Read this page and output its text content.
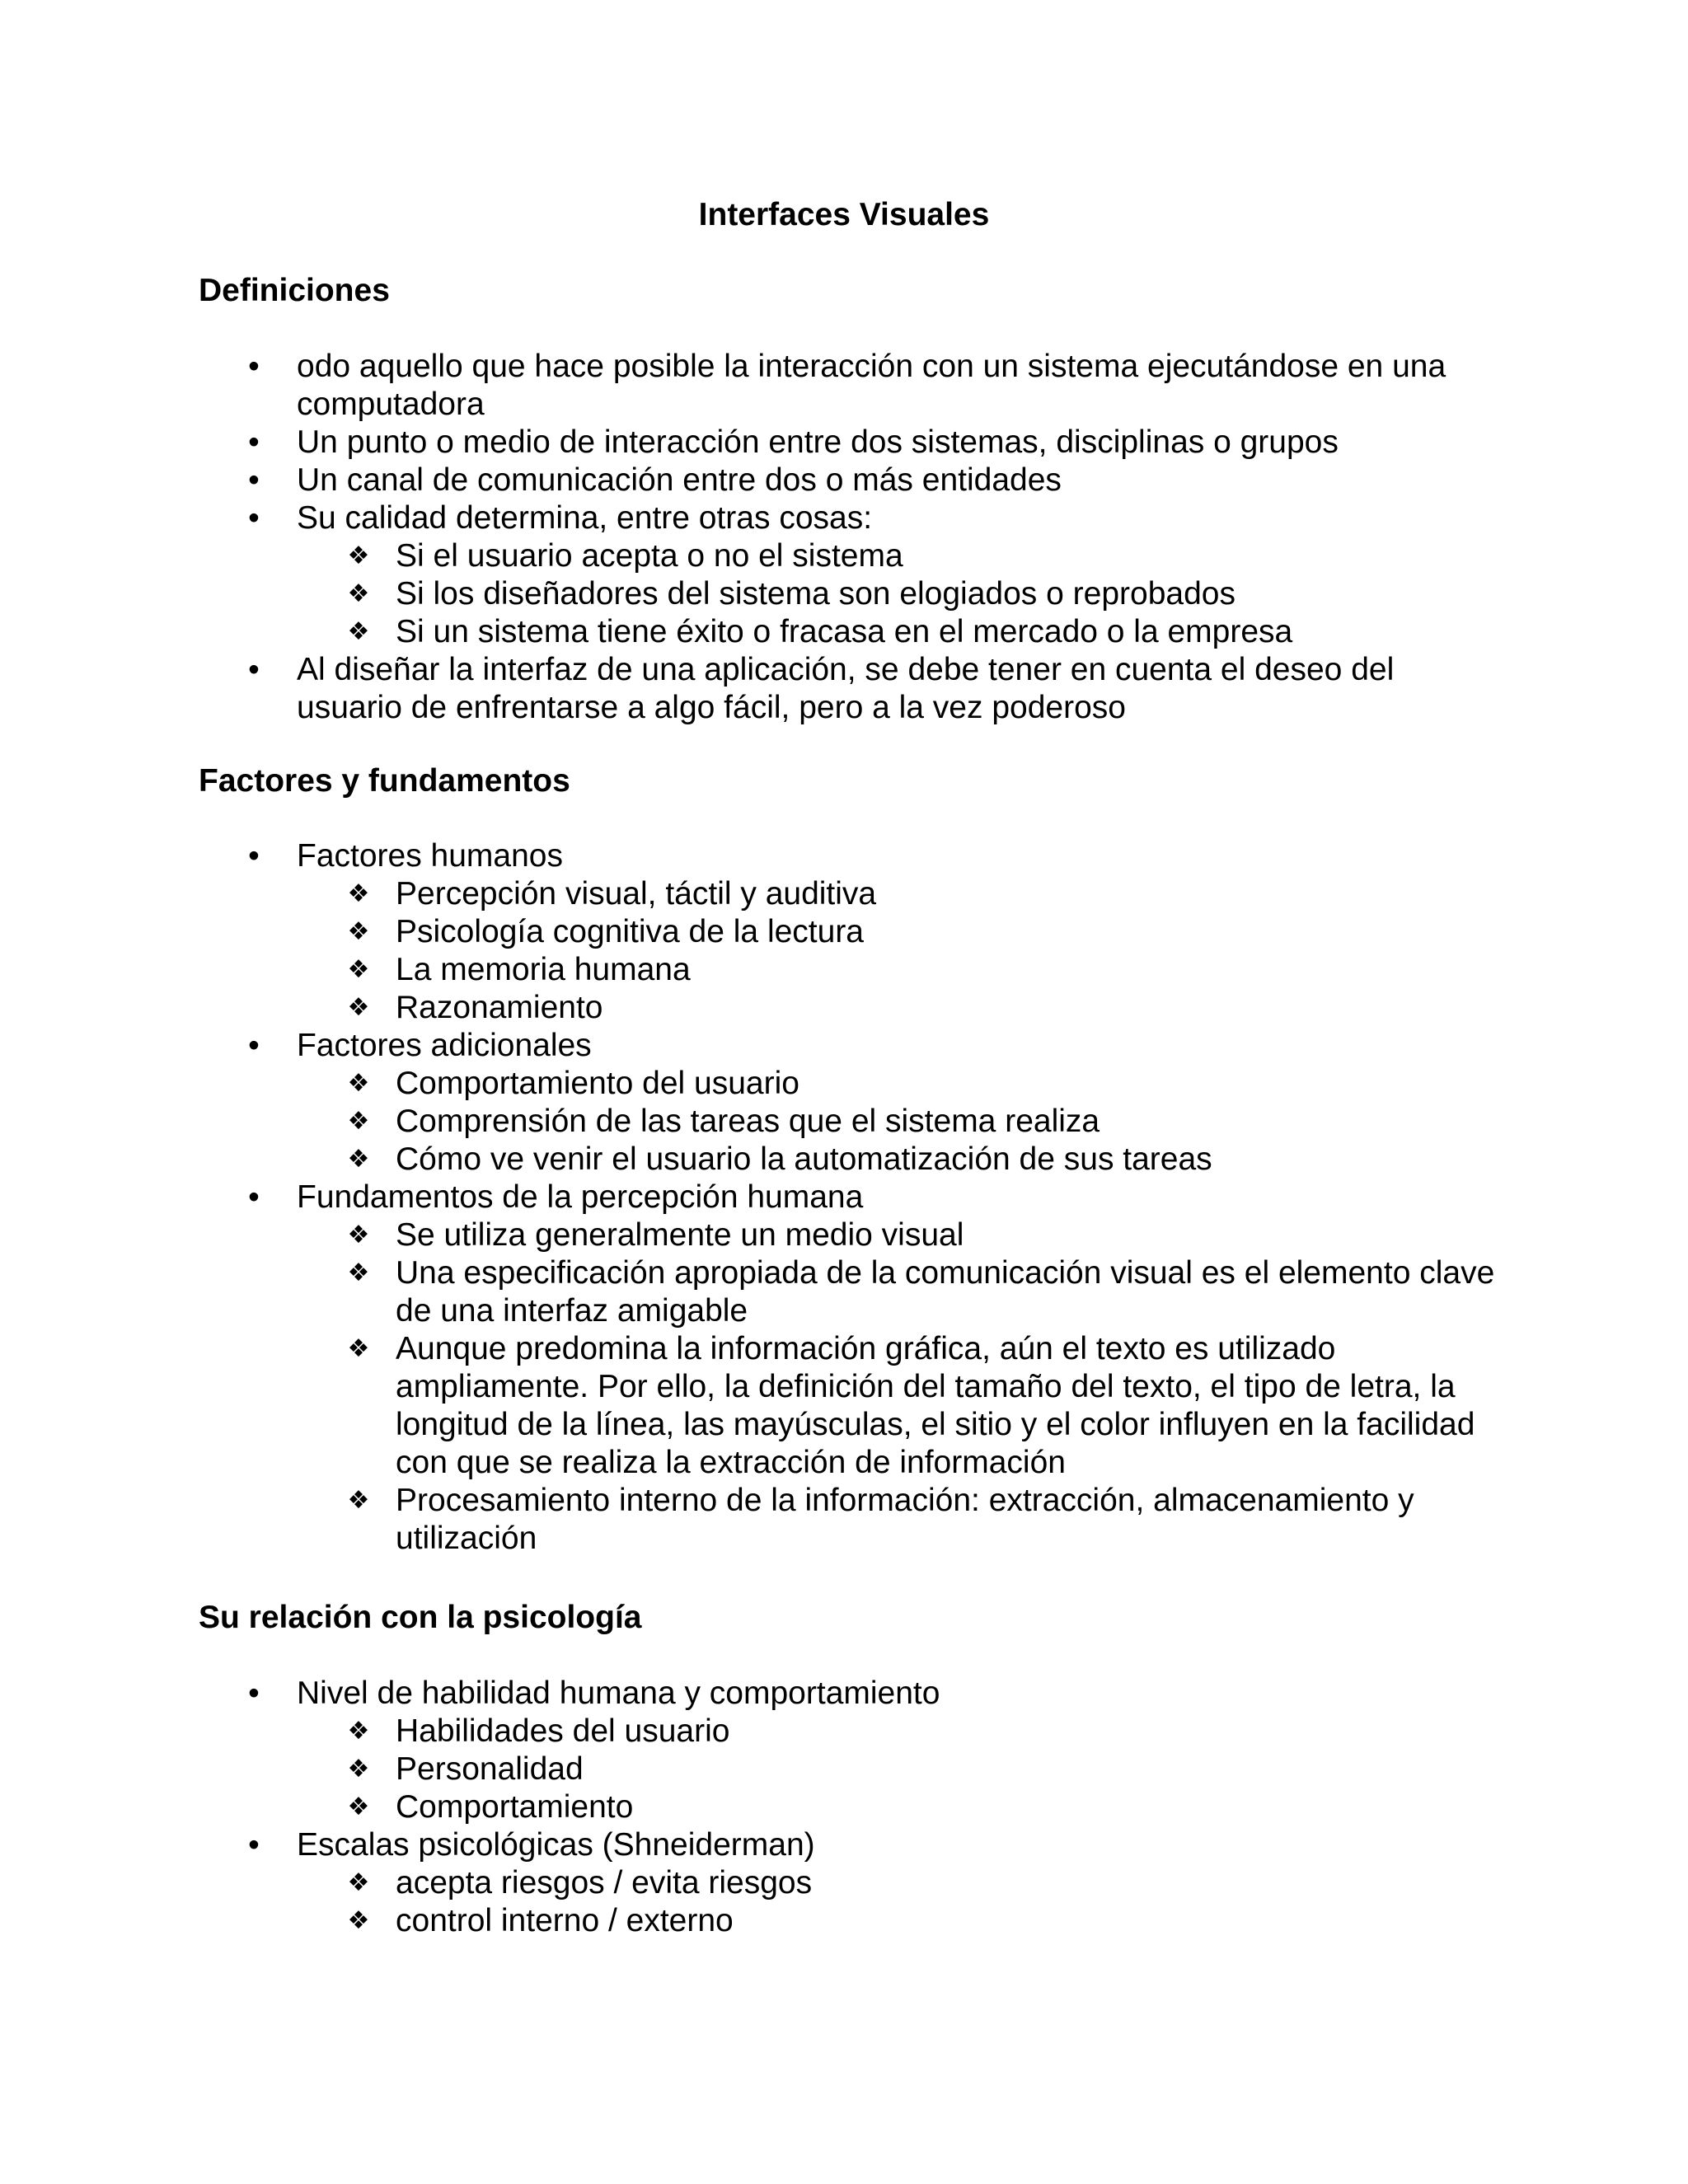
Interfaces Visuales
Definiciones
• odo aquello que hace posible la interacción con un sistema ejecutándose en una computadora
• Un punto o medio de interacción entre dos sistemas, disciplinas o grupos
• Un canal de comunicación entre dos o más entidades
• Su calidad determina, entre otras cosas:
❖ Si el usuario acepta o no el sistema
❖ Si los diseñadores del sistema son elogiados o reprobados
❖ Si un sistema tiene éxito o fracasa en el mercado o la empresa
• Al diseñar la interfaz de una aplicación, se debe tener en cuenta el deseo del usuario de enfrentarse a algo fácil, pero a la vez poderoso
Factores y fundamentos
• Factores humanos
❖ Percepción visual, táctil y auditiva
❖ Psicología cognitiva de la lectura
❖ La memoria humana
❖ Razonamiento
• Factores adicionales
❖ Comportamiento del usuario
❖ Comprensión de las tareas que el sistema realiza
❖ Cómo ve venir el usuario la automatización de sus tareas
• Fundamentos de la percepción humana
❖ Se utiliza generalmente un medio visual
❖ Una especificación apropiada de la comunicación visual es el elemento clave de una interfaz amigable
❖ Aunque predomina la información gráfica, aún el texto es utilizado ampliamente. Por ello, la definición del tamaño del texto, el tipo de letra, la longitud de la línea, las mayúsculas, el sitio y el color influyen en la facilidad con que se realiza la extracción de información
❖ Procesamiento interno de la información: extracción, almacenamiento y utilización
Su relación con la psicología
• Nivel de habilidad humana y comportamiento
❖ Habilidades del usuario
❖ Personalidad
❖ Comportamiento
• Escalas psicológicas (Shneiderman)
❖ acepta riesgos / evita riesgos
❖ control interno / externo
